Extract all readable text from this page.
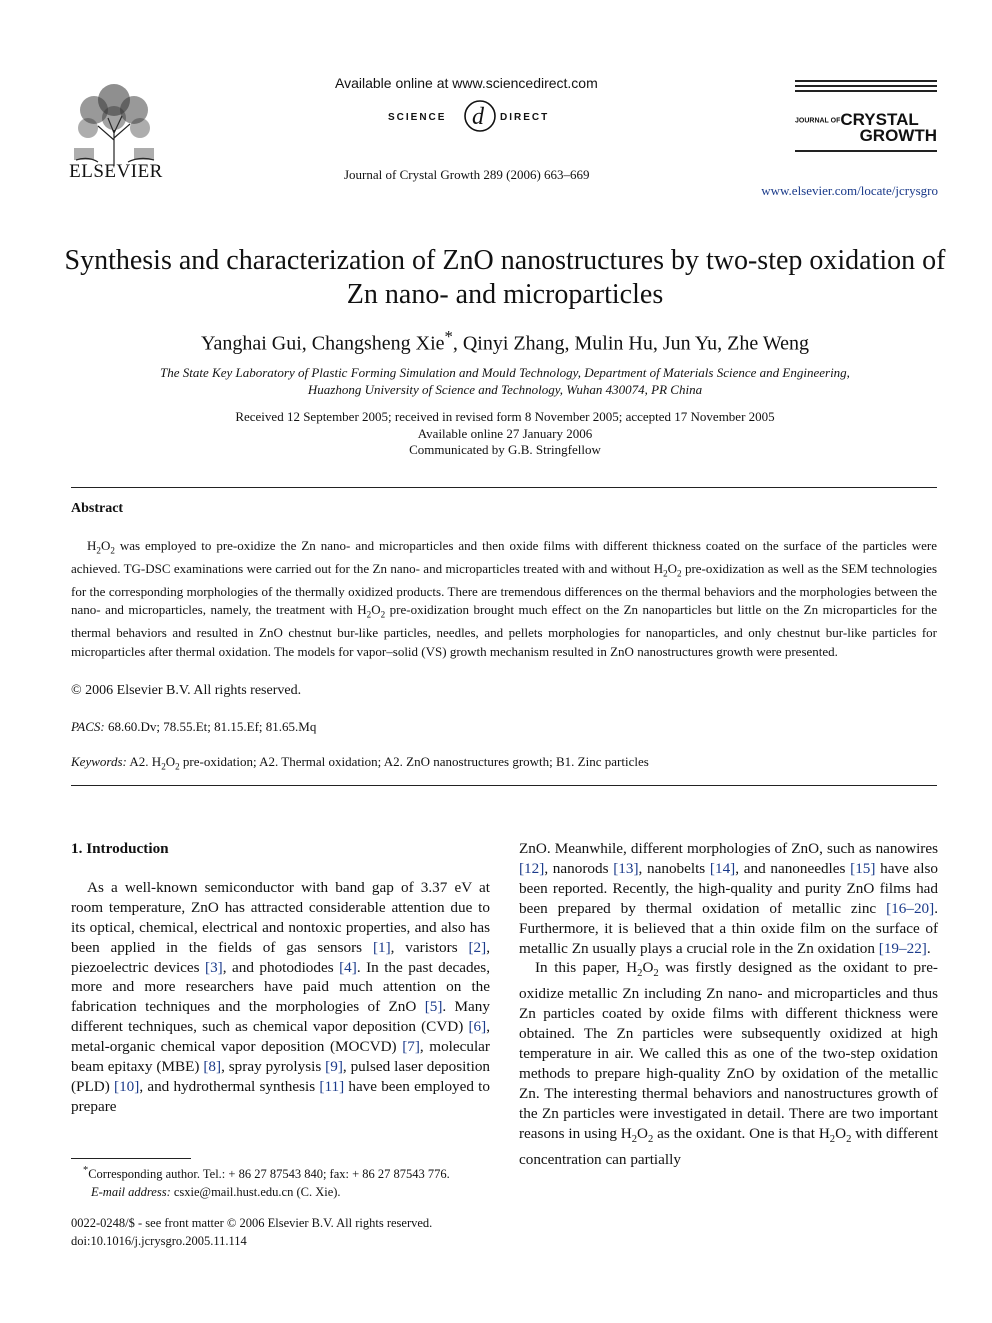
ELSEVIER
Available online at www.sciencedirect.com
SCIENCE d DIRECT
Journal of Crystal Growth 289 (2006) 663–669
JOURNAL OFCRYSTAL
GROWTH
www.elsevier.com/locate/jcrysgro
Synthesis and characterization of ZnO nanostructures by two-step oxidation of Zn nano- and microparticles
Yanghai Gui, Changsheng Xie*, Qinyi Zhang, Mulin Hu, Jun Yu, Zhe Weng
The State Key Laboratory of Plastic Forming Simulation and Mould Technology, Department of Materials Science and Engineering,
Huazhong University of Science and Technology, Wuhan 430074, PR China
Received 12 September 2005; received in revised form 8 November 2005; accepted 17 November 2005
Available online 27 January 2006
Communicated by G.B. Stringfellow
Abstract
$H_2O_2$ was employed to pre-oxidize the Zn nano- and microparticles and then oxide films with different thickness coated on the surface of the particles were achieved. TG-DSC examinations were carried out for the Zn nano- and microparticles treated with and without $H_2O_2$ pre-oxidization as well as the SEM technologies for the corresponding morphologies of the thermally oxidized products. There are tremendous differences on the thermal behaviors and the morphologies between the nano- and microparticles, namely, the treatment with $H_2O_2$ pre-oxidization brought much effect on the Zn nanoparticles but little on the Zn microparticles for the thermal behaviors and resulted in ZnO chestnut bur-like particles, needles, and pellets morphologies for nanoparticles, and only chestnut bur-like particles for microparticles after thermal oxidation. The models for vapor–solid (VS) growth mechanism resulted in ZnO nanostructures growth were presented.
© 2006 Elsevier B.V. All rights reserved.
PACS: 68.60.Dv; 78.55.Et; 81.15.Ef; 81.65.Mq
Keywords: A2. $H_2O_2$ pre-oxidation; A2. Thermal oxidation; A2. ZnO nanostructures growth; B1. Zinc particles
1. Introduction

As a well-known semiconductor with band gap of 3.37 eV at room temperature, ZnO has attracted considerable attention due to its optical, chemical, electrical and nontoxic properties, and also has been applied in the fields of gas sensors [1], varistors [2], piezoelectric devices [3], and photodiodes [4]. In the past decades, more and more researchers have paid much attention on the fabrication techniques and the morphologies of ZnO [5]. Many different techniques, such as chemical vapor deposition (CVD) [6], metal-organic chemical vapor deposition (MOCVD) [7], molecular beam epitaxy (MBE) [8], spray pyrolysis [9], pulsed laser deposition (PLD) [10], and hydrothermal synthesis [11] have been employed to prepare

ZnO. Meanwhile, different morphologies of ZnO, such as nanowires [12], nanorods [13], nanobelts [14], and nanoneedles [15] have also been reported. Recently, the high-quality and purity ZnO films had been prepared by thermal oxidation of metallic zinc [16–20]. Furthermore, it is believed that a thin oxide film on the surface of metallic Zn usually plays a crucial role in the Zn oxidation [19–22].

In this paper, $H_2O_2$ was firstly designed as the oxidant to pre-oxidize metallic Zn including Zn nano- and microparticles and thus Zn particles coated by oxide films with different thickness were obtained. The Zn particles were subsequently oxidized at high temperature in air. We called this as one of the two-step oxidation methods to prepare high-quality ZnO by oxidation of the metallic Zn. The interesting thermal behaviors and nanostructures growth of the Zn particles were investigated in detail. There are two important reasons in using $H_2O_2$ as the oxidant. One is that $H_2O_2$ with different concentration can partially

*Corresponding author. Tel.: + 86 27 87543 840; fax: + 86 27 87543 776.
E-mail address: csxie@mail.hust.edu.cn (C. Xie).
0022-0248/$ - see front matter © 2006 Elsevier B.V. All rights reserved.
doi:10.1016/j.jcrysgro.2005.11.114
